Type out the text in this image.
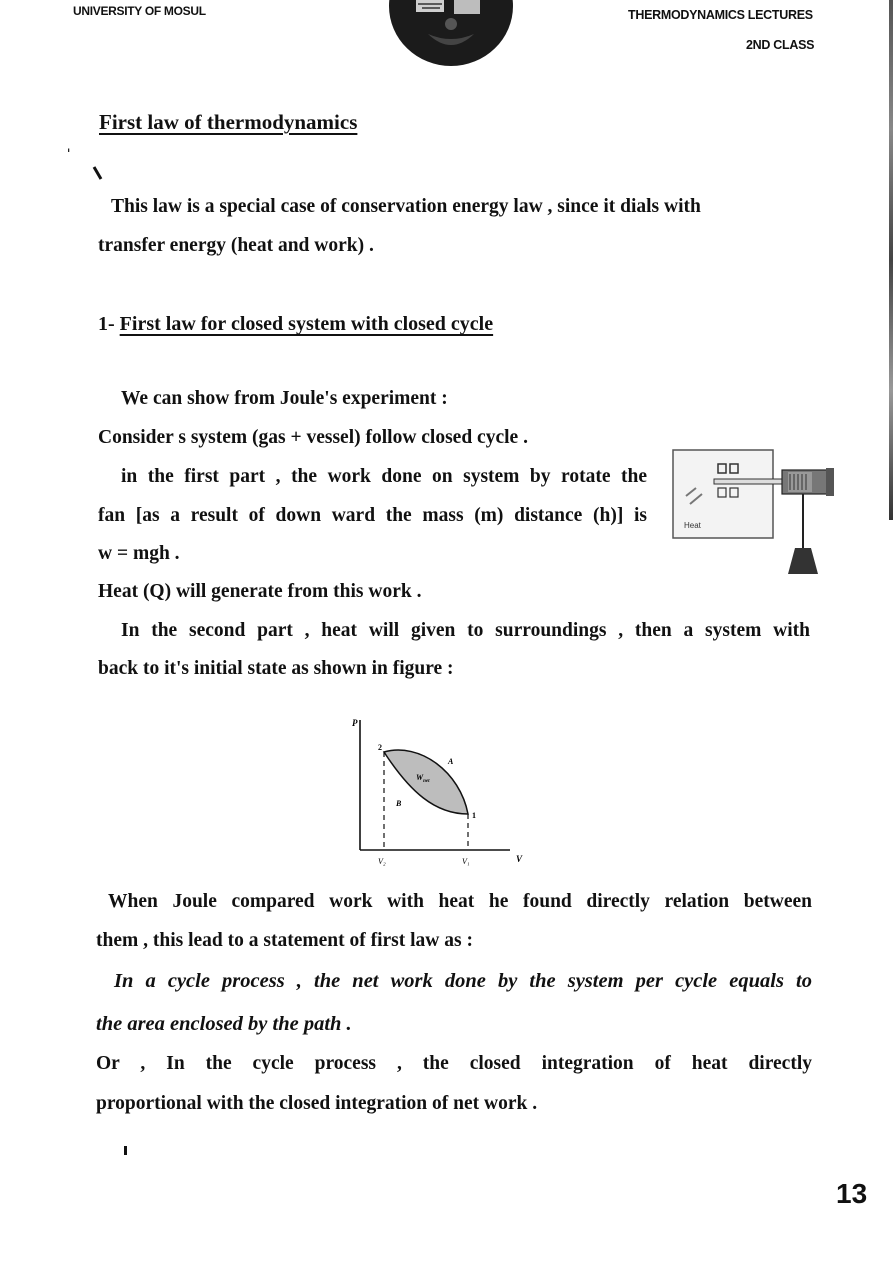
UNIVERSITY OF MOSUL	THERMODYNAMICS LECTURES
2ND CLASS
First law of thermodynamics
ˈ
This law is a special case of conservation energy law , since it dials with
transfer energy (heat and work) .
1- First law for closed system with closed cycle
We can show from Joule's experiment :
Consider s system (gas + vessel) follow closed cycle .
in the first part , the work done on system by rotate the
fan [as a result of down ward the mass (m) distance (h)] is
w = mgh .
Heat (Q) will generate from this work .
In the second part , heat will given to surroundings , then a system with
back to it's initial state as shown in figure :
Heat
P
V
2
1
A
B
$W_{net}$
V₂	V₁
When Joule compared work with heat he found directly relation between
them , this lead to a statement of first law as :
In a cycle process , the net work done by the system per cycle equals to
the area enclosed by the path .
Or , In the cycle process , the closed integration of heat directly
proportional with the closed integration of net work .
13
